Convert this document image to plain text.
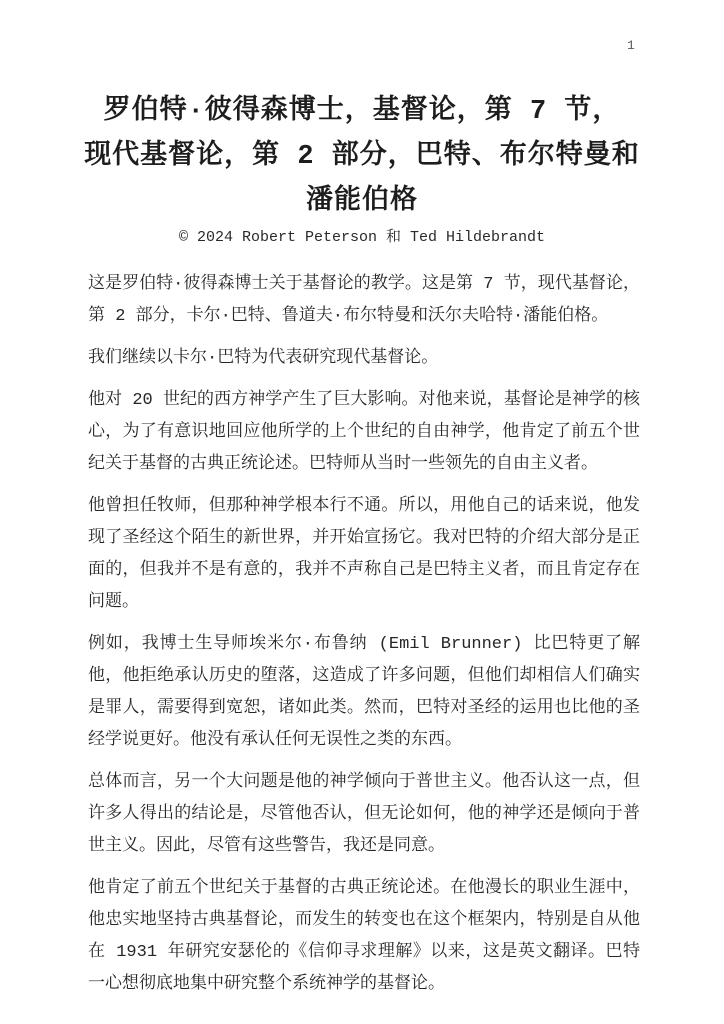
1
罗伯特·彼得森博士，基督论，第 7 节，
现代基督论，第 2 部分，巴特、布尔特曼和
潘能伯格
© 2024 Robert Peterson 和 Ted Hildebrandt

这是罗伯特·彼得森博士关于基督论的教学。这是第 7 节，现代基督论，第 2 部分，卡尔·巴特、鲁道夫·布尔特曼和沃尔夫哈特·潘能伯格。

我们继续以卡尔·巴特为代表研究现代基督论。

他对 20 世纪的西方神学产生了巨大影响。对他来说，基督论是神学的核心，为了有意识地回应他所学的上个世纪的自由神学，他肯定了前五个世纪关于基督的古典正统论述。巴特师从当时一些领先的自由主义者。

他曾担任牧师，但那种神学根本行不通。所以，用他自己的话来说，他发现了圣经这个陌生的新世界，并开始宣扬它。我对巴特的介绍大部分是正面的，但我并不是有意的，我并不声称自己是巴特主义者，而且肯定存在问题。

例如，我博士生导师埃米尔·布鲁纳 (Emil Brunner) 比巴特更了解他，他拒绝承认历史的堕落，这造成了许多问题，但他们却相信人们确实是罪人，需要得到宽恕，诸如此类。然而，巴特对圣经的运用也比他的圣经学说更好。他没有承认任何无误性之类的东西。

总体而言，另一个大问题是他的神学倾向于普世主义。他否认这一点，但许多人得出的结论是，尽管他否认，但无论如何，他的神学还是倾向于普世主义。因此，尽管有这些警告，我还是同意。

他肯定了前五个世纪关于基督的古典正统论述。在他漫长的职业生涯中，他忠实地坚持古典基督论，而发生的转变也在这个框架内，特别是自从他在 1931 年研究安瑟伦的《信仰寻求理解》以来，这是英文翻译。巴特一心想彻底地集中研究整个系统神学的基督论。
